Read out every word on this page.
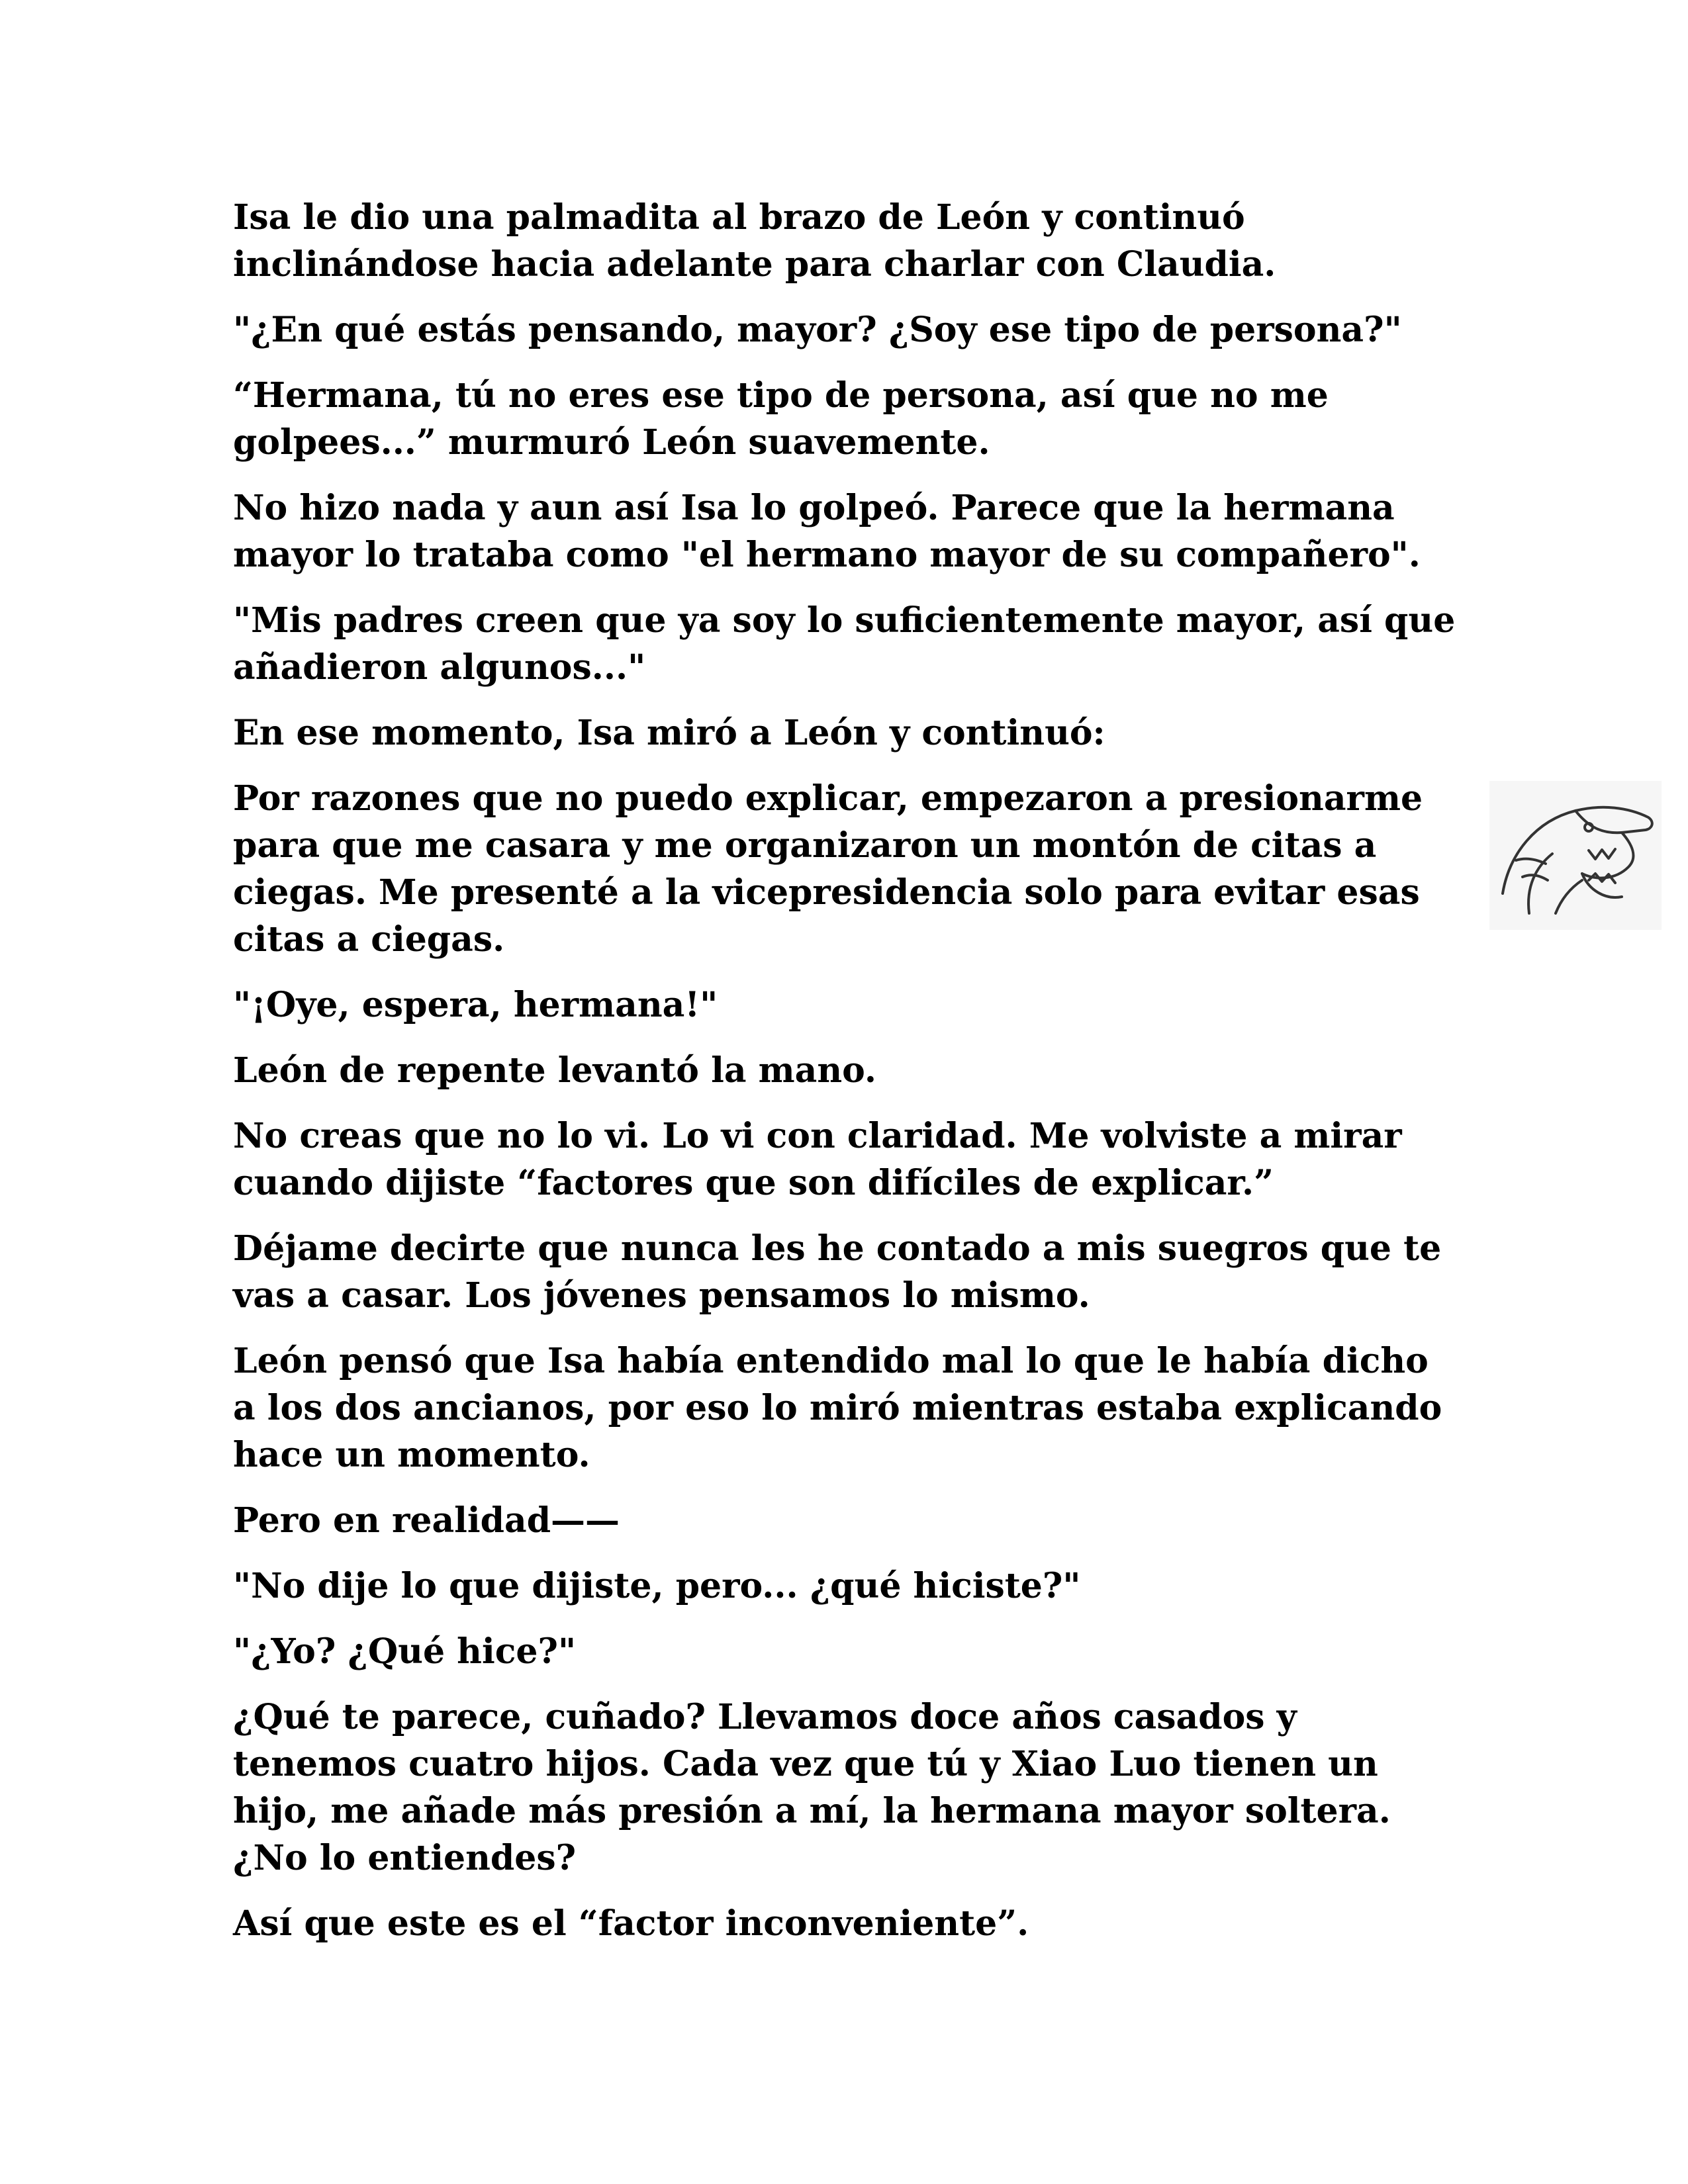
Isa le dio una palmadita al brazo de León y continuó inclinándose hacia adelante para charlar con Claudia.

"¿En qué estás pensando, mayor? ¿Soy ese tipo de persona?"

“Hermana, tú no eres ese tipo de persona, así que no me golpees...” murmuró León suavemente.

No hizo nada y aun así Isa lo golpeó. Parece que la hermana mayor lo trataba como "el hermano mayor de su compañero".

"Mis padres creen que ya soy lo suficientemente mayor, así que añadieron algunos..."

En ese momento, Isa miró a León y continuó:

Por razones que no puedo explicar, empezaron a presionarme para que me casara y me organizaron un montón de citas a ciegas. Me presenté a la vicepresidencia solo para evitar esas citas a ciegas.

"¡Oye, espera, hermana!"

León de repente levantó la mano.

No creas que no lo vi. Lo vi con claridad. Me volviste a mirar cuando dijiste “factores que son difíciles de explicar.”

Déjame decirte que nunca les he contado a mis suegros que te vas a casar. Los jóvenes pensamos lo mismo.

León pensó que Isa había entendido mal lo que le había dicho a los dos ancianos, por eso lo miró mientras estaba explicando hace un momento.

Pero en realidad——

"No dije lo que dijiste, pero... ¿qué hiciste?"

"¿Yo? ¿Qué hice?"

¿Qué te parece, cuñado? Llevamos doce años casados y tenemos cuatro hijos. Cada vez que tú y Xiao Luo tienen un hijo, me añade más presión a mí, la hermana mayor soltera. ¿No lo entiendes?

Así que este es el “factor inconveniente”.
